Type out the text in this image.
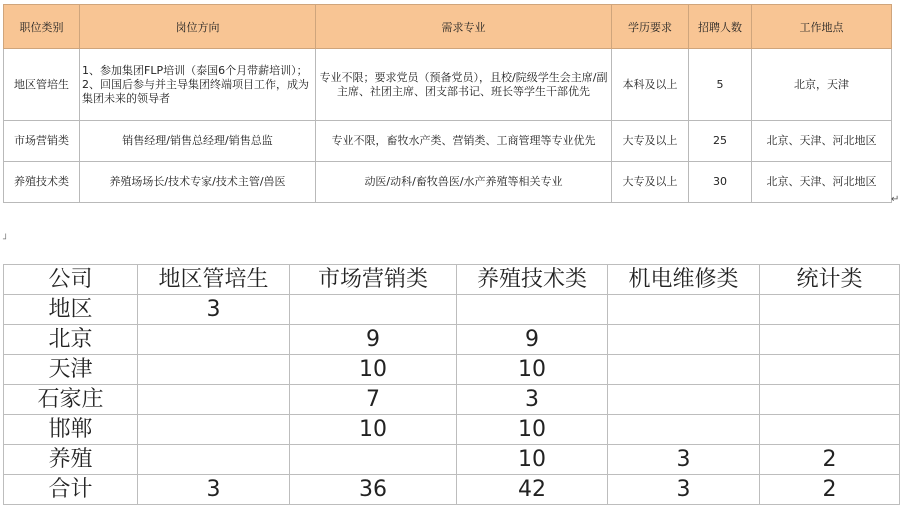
职位类别	岗位方向	需求专业	学历要求	招聘人数	工作地点
地区管培生	1、参加集团FLP培训（泰国6个月带薪培训）； 2、回国后参与并主导集团终端项目工作，成为集团未来的领导者	专业不限；要求党员（预备党员），且校/院级学生会主席/副主席、社团主席、团支部书记、班长等学生干部优先	本科及以上	5	北京，天津
市场营销类	销售经理/销售总经理/销售总监	专业不限，畜牧水产类、营销类、工商管理等专业优先	大专及以上	25	北京、天津、河北地区
养殖技术类	养殖场场长/技术专家/技术主管/兽医	动医/动科/畜牧兽医/水产养殖等相关专业	大专及以上	30	北京、天津、河北地区
↵
┘
公司	地区管培生	市场营销类	养殖技术类	机电维修类	统计类
地区	3				
北京		9	9		
天津		10	10		
石家庄		7	3		
邯郸		10	10		
养殖			10	3	2
合计	3	36	42	3	2
